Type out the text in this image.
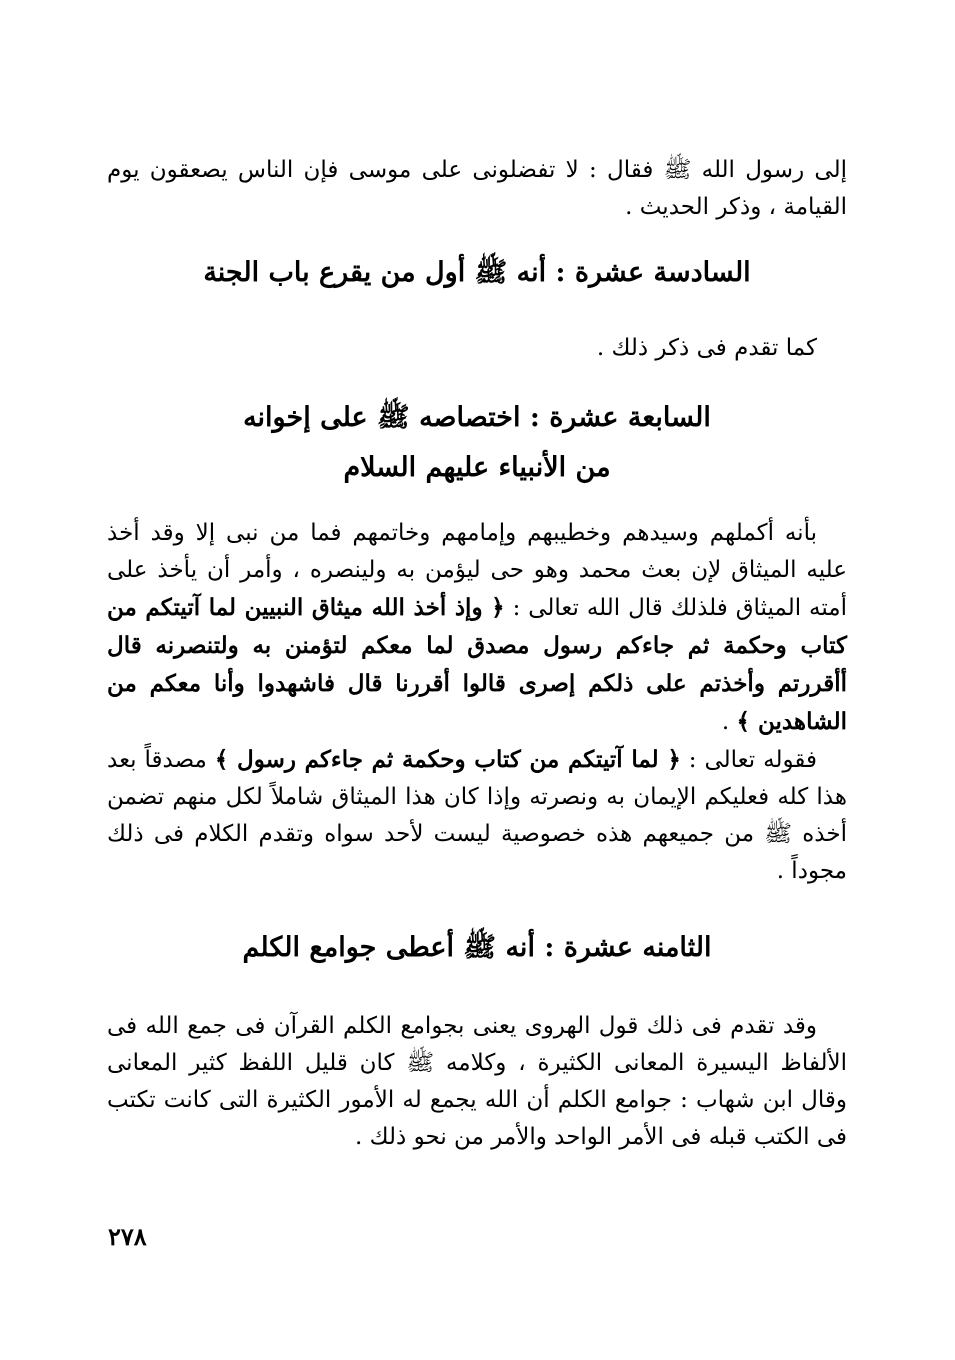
إلى رسول الله ﷺ فقال : لا تفضلونى على موسى فإن الناس يصعقون يوم القيامة ، وذكر الحديث .

السادسة عشرة : أنه ﷺ أول من يقرع باب الجنة

كما تقدم فى ذكر ذلك .

السابعة عشرة : اختصاصه ﷺ على إخوانه
من الأنبياء عليهم السلام

بأنه أكملهم وسيدهم وخطيبهم وإمامهم وخاتمهم فما من نبى إلا وقد أخذ عليه الميثاق لإن بعث محمد وهو حى ليؤمن به ولينصره ، وأمر أن يأخذ على أمته الميثاق فلذلك قال الله تعالى : ﴿ وإذ أخذ الله ميثاق النبيين لما آتيتكم من كتاب وحكمة ثم جاءكم رسول مصدق لما معكم لتؤمنن به ولتنصرنه قال أأقررتم وأخذتم على ذلكم إصرى قالوا أقررنا قال فاشهدوا وأنا معكم من الشاهدين ﴾ .

فقوله تعالى : ﴿ لما آتيتكم من كتاب وحكمة ثم جاءكم رسول ﴾ مصدقاً بعد هذا كله فعليكم الإيمان به ونصرته وإذا كان هذا الميثاق شاملاً لكل منهم تضمن أخذه ﷺ من جميعهم هذه خصوصية ليست لأحد سواه وتقدم الكلام فى ذلك مجوداً .

الثامنه عشرة : أنه ﷺ أعطى جوامع الكلم

وقد تقدم فى ذلك قول الهروى يعنى بجوامع الكلم القرآن فى جمع الله فى الألفاظ اليسيرة المعانى الكثيرة ، وكلامه ﷺ كان قليل اللفظ كثير المعانى وقال ابن شهاب : جوامع الكلم أن الله يجمع له الأمور الكثيرة التى كانت تكتب فى الكتب قبله فى الأمر الواحد والأمر من نحو ذلك .

٢٧٨
